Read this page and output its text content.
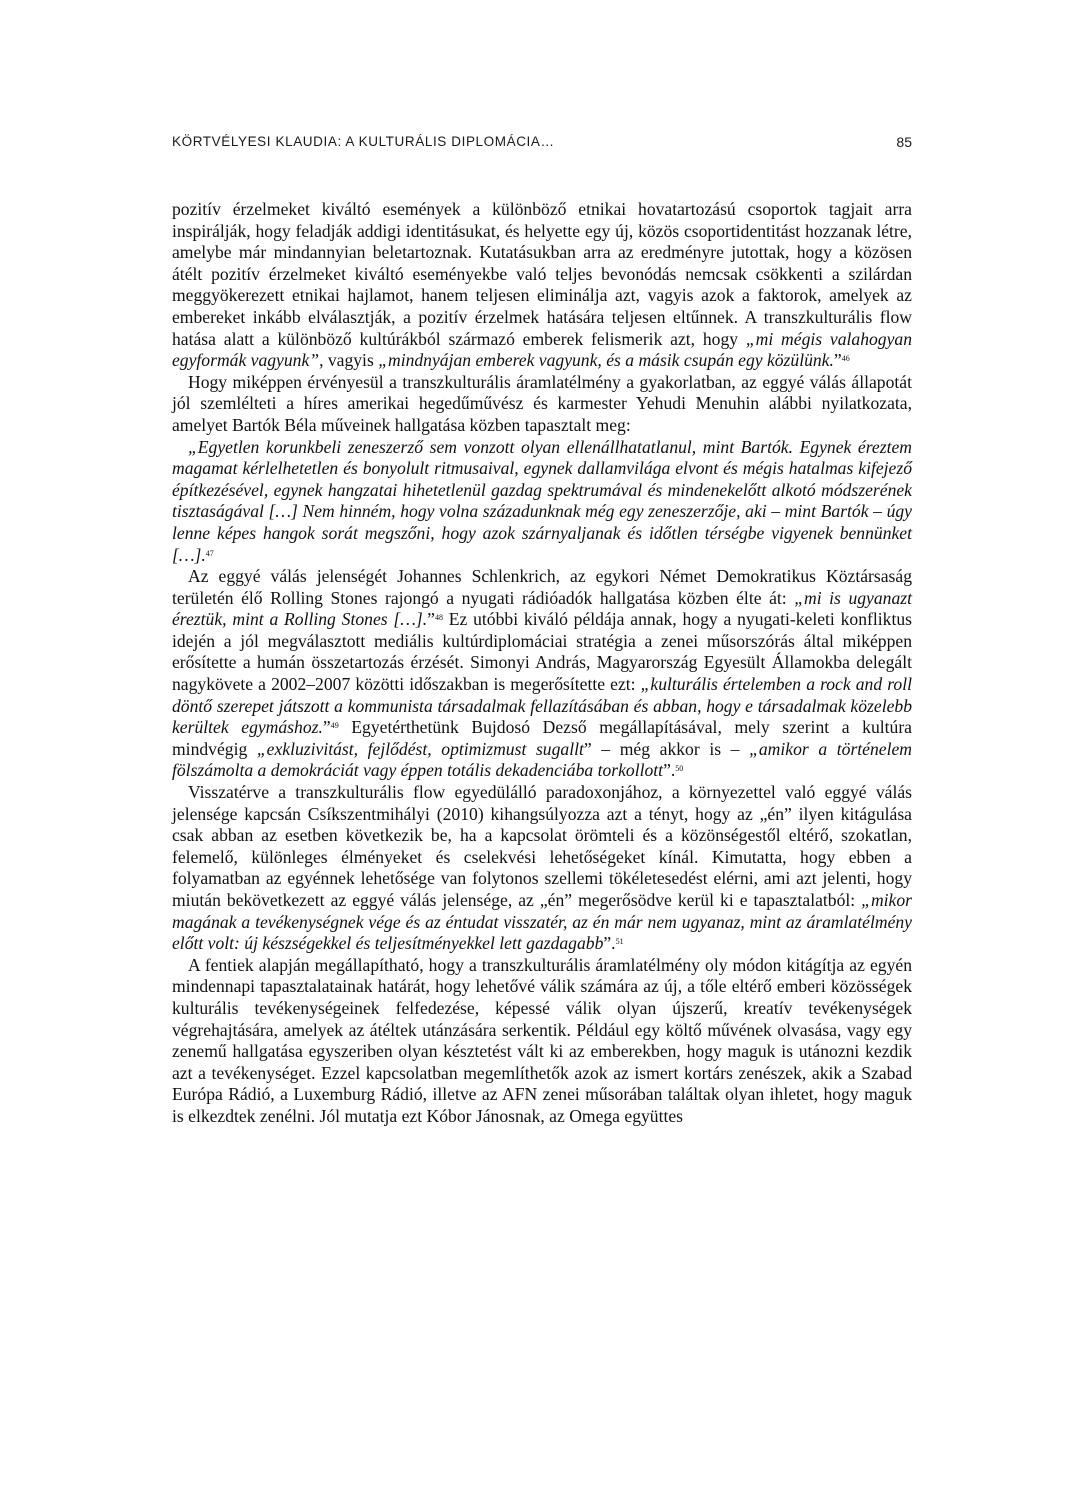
KÖRTVÉLYESI KLAUDIA: A KULTURÁLIS DIPLOMÁCIA…	85

pozitív érzelmeket kiváltó események a különböző etnikai hovatartozású csoportok tagjait arra inspirálják, hogy feladják addigi identitásukat, és helyette egy új, közös csoportidentitást hozzanak létre, amelybe már mindannyian beletartoznak. Kutatásukban arra az eredményre jutottak, hogy a közösen átélt pozitív érzelmeket kiváltó eseményekbe való teljes bevonódás nemcsak csökkenti a szilárdan meggyökerezett etnikai hajlamot, hanem teljesen eliminálja azt, vagyis azok a faktorok, amelyek az embereket inkább elválasztják, a pozitív érzelmek hatására teljesen eltűnnek. A transzkulturális flow hatása alatt a különböző kultúrákból származó emberek felismerik azt, hogy „mi mégis valahogyan egyformák vagyunk”, vagyis „mindnyájan emberek vagyunk, és a másik csupán egy közülünk.”$^{46}$

Hogy miképpen érvényesül a transzkulturális áramlatélmény a gyakorlatban, az eggyé válás állapotát jól szemlélteti a híres amerikai hegedűművész és karmester Yehudi Menuhin alábbi nyilatkozata, amelyet Bartók Béla műveinek hallgatása közben tapasztalt meg:

„Egyetlen korunkbeli zeneszerző sem vonzott olyan ellenállhatatlanul, mint Bartók. Egynek éreztem magamat kérlelhetetlen és bonyolult ritmusaival, egynek dallamvilága elvont és mégis hatalmas kifejező építkezésével, egynek hangzatai hihetetlenül gazdag spektrumával és mindenekelőtt alkotó módszerének tisztaságával […] Nem hinném, hogy volna századunknak még egy zeneszerzője, aki – mint Bartók – úgy lenne képes hangok sorát megszőni, hogy azok szárnyaljanak és időtlen térségbe vigyenek bennünket […].$^{47}$

Az eggyé válás jelenségét Johannes Schlenkrich, az egykori Német Demokratikus Köztársaság területén élő Rolling Stones rajongó a nyugati rádióadók hallgatása közben élte át: „mi is ugyanazt éreztük, mint a Rolling Stones […].”$^{48}$ Ez utóbbi kiváló példája annak, hogy a nyugati-keleti konfliktus idején a jól megválasztott mediális kultúrdiplomáciai stratégia a zenei műsorszórás által miképpen erősítette a humán összetartozás érzését. Simonyi András, Magyarország Egyesült Államokba delegált nagykövete a 2002–2007 közötti időszakban is megerősítette ezt: „kulturális értelemben a rock and roll döntő szerepet játszott a kommunista társadalmak fellazításában és abban, hogy e társadalmak közelebb kerültek egymáshoz.”$^{49}$ Egyetérthetünk Bujdosó Dezső megállapításával, mely szerint a kultúra mindvégig „exkluzivitást, fejlődést, optimizmust sugallt” – még akkor is – „amikor a történelem fölszámolta a demokráciát vagy éppen totális dekadenciába torkollott”.$^{50}$

Visszatérve a transzkulturális flow egyedülálló paradoxonjához, a környezettel való eggyé válás jelensége kapcsán Csíkszentmihályi (2010) kihangsúlyozza azt a tényt, hogy az „én” ilyen kitágulása csak abban az esetben következik be, ha a kapcsolat örömteli és a közönségestől eltérő, szokatlan, felemelő, különleges élményeket és cselekvési lehetőségeket kínál. Kimutatta, hogy ebben a folyamatban az egyénnek lehetősége van folytonos szellemi tökéletesedést elérni, ami azt jelenti, hogy miután bekövetkezett az eggyé válás jelensége, az „én” megerősödve kerül ki e tapasztalatból: „mikor magának a tevékenységnek vége és az éntudat visszatér, az én már nem ugyanaz, mint az áramlatélmény előtt volt: új készségekkel és teljesítményekkel lett gazdagabb”.$^{51}$

A fentiek alapján megállapítható, hogy a transzkulturális áramlatélmény oly módon kitágítja az egyén mindennapi tapasztalatainak határát, hogy lehetővé válik számára az új, a tőle eltérő emberi közösségek kulturális tevékenységeinek felfedezése, képessé válik olyan újszerű, kreatív tevékenységek végrehajtására, amelyek az átéltek utánzására serkentik. Például egy költő művének olvasása, vagy egy zenemű hallgatása egyszeriben olyan késztetést vált ki az emberekben, hogy maguk is utánozni kezdik azt a tevékenységet. Ezzel kapcsolatban megemlíthetők azok az ismert kortárs zenészek, akik a Szabad Európa Rádió, a Luxemburg Rádió, illetve az AFN zenei műsorában találtak olyan ihletet, hogy maguk is elkezdtek zenélni. Jól mutatja ezt Kóbor Jánosnak, az Omega együttes
